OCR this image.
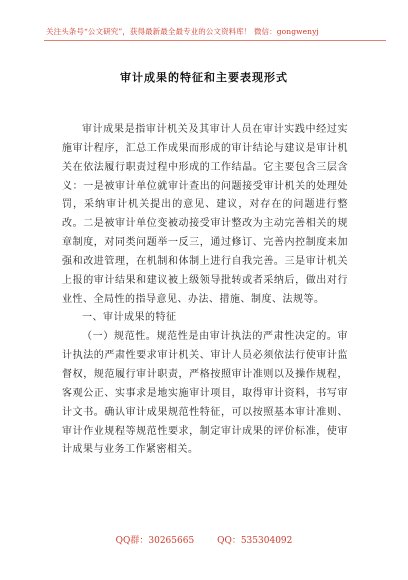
关注头条号“公文研究”，获得最新最全最专业的公文资料库！ 微信：gongwenyj
审计成果的特征和主要表现形式

审计成果是指审计机关及其审计人员在审计实践中经过实施审计程序，汇总工作成果而形成的审计结论与建议是审计机关在依法履行职责过程中形成的工作结晶。它主要包含三层含义：一是被审计单位就审计查出的问题接受审计机关的处理处罚，采纳审计机关提出的意见、建议，对存在的问题进行整改。二是被审计单位变被动接受审计整改为主动完善相关的规章制度，对同类问题举一反三，通过修订、完善内控制度来加强和改进管理，在机制和体制上进行自我完善。三是审计机关上报的审计结果和建议被上级领导批转或者采纳后，做出对行业性、全局性的指导意见、办法、措施、制度、法规等。

一、审计成果的特征

（一）规范性。规范性是由审计执法的严肃性决定的。审计执法的严肃性要求审计机关、审计人员必须依法行使审计监督权，规范履行审计职责，严格按照审计准则以及操作规程，客观公正、实事求是地实施审计项目，取得审计资料，书写审计文书。确认审计成果规范性特征，可以按照基本审计准则、审计作业规程等规范性要求，制定审计成果的评价标准，使审计成果与业务工作紧密相关。

QQ群：30265665	QQ：535304092
